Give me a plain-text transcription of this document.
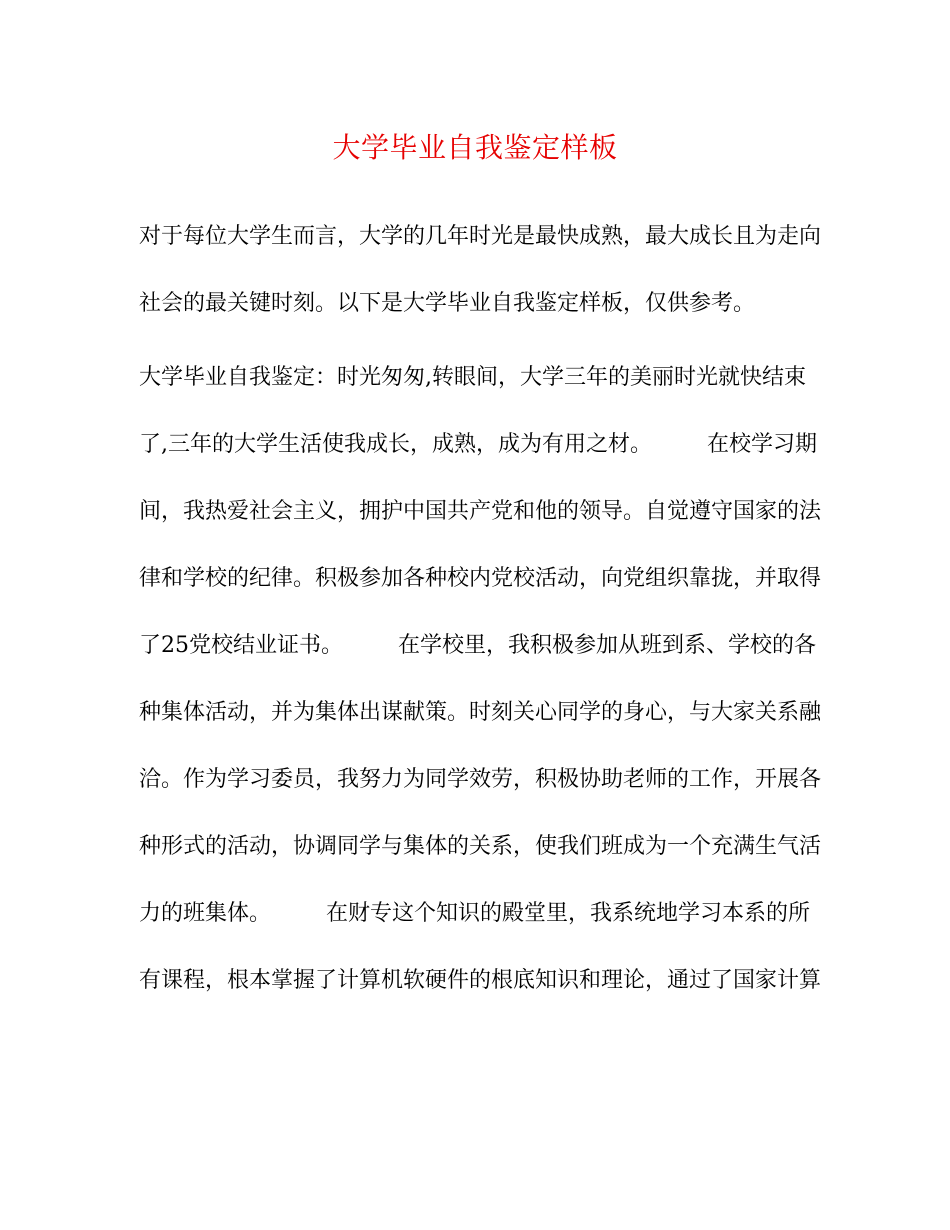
大学毕业自我鉴定样板
对于每位大学生而言，大学的几年时光是最快成熟，最大成长且为走向
社会的最关键时刻。以下是大学毕业自我鉴定样板，仅供参考。
大学毕业自我鉴定：时光匆匆,转眼间，大学三年的美丽时光就快结束
了,三年的大学生活使我成长，成熟，成为有用之材。　　　在校学习期
间，我热爱社会主义，拥护中国共产党和他的领导。自觉遵守国家的法
律和学校的纪律。积极参加各种校内党校活动，向党组织靠拢，并取得
了25党校结业证书。　　　在学校里，我积极参加从班到系、学校的各
种集体活动，并为集体出谋献策。时刻关心同学的身心，与大家关系融
洽。作为学习委员，我努力为同学效劳，积极协助老师的工作，开展各
种形式的活动，协调同学与集体的关系，使我们班成为一个充满生气活
力的班集体。　　　在财专这个知识的殿堂里，我系统地学习本系的所
有课程，根本掌握了计算机软硬件的根底知识和理论，通过了国家计算
